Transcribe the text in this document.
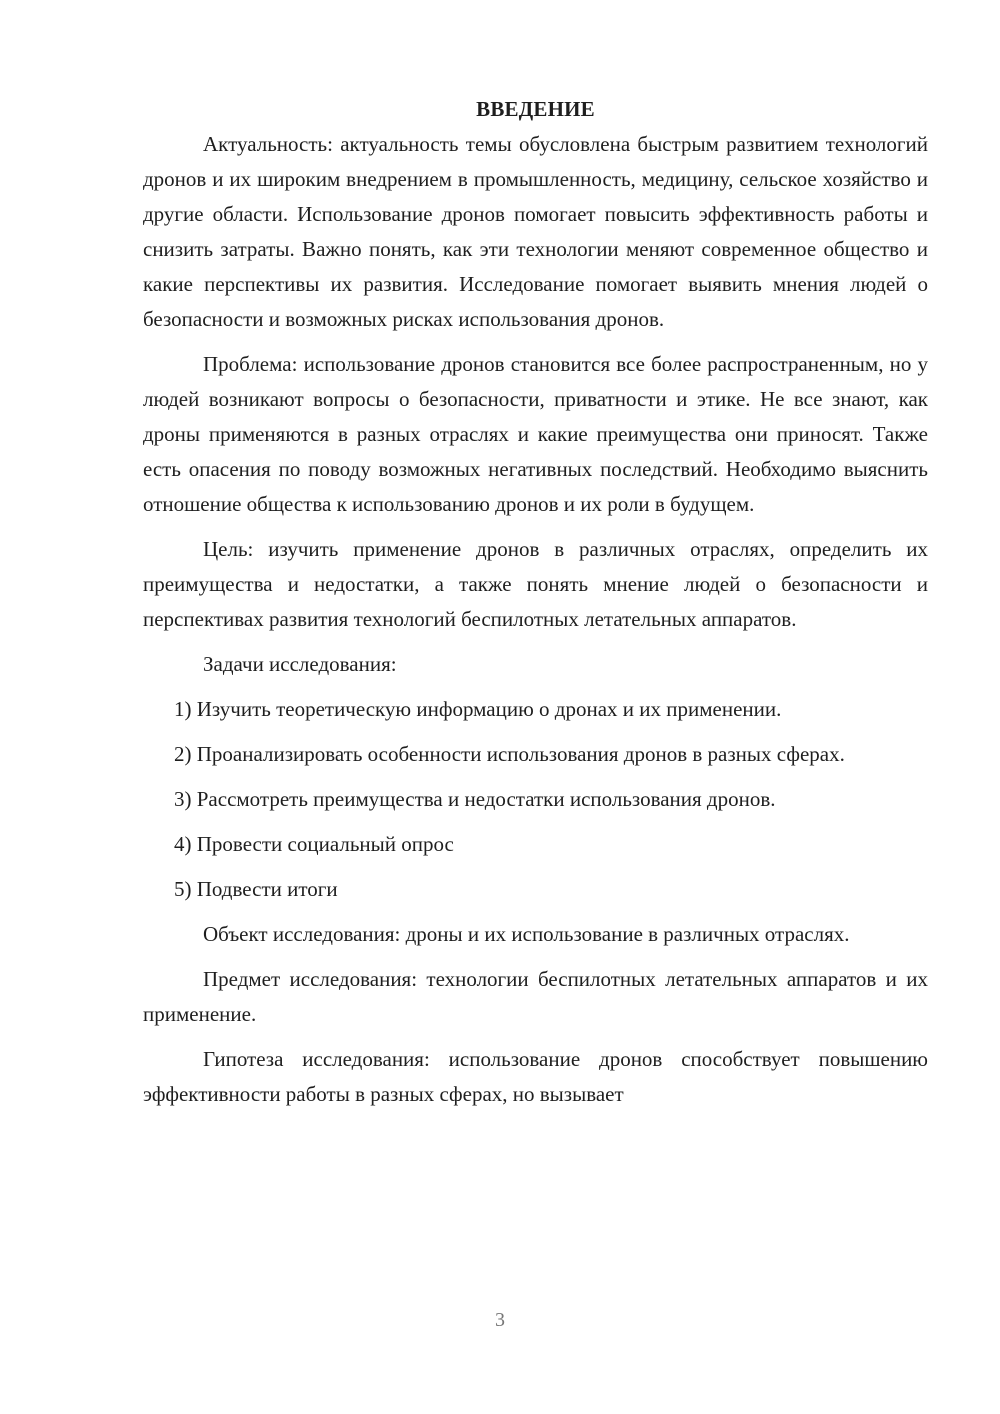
ВВЕДЕНИЕ

Актуальность: актуальность темы обусловлена быстрым развитием технологий дронов и их широким внедрением в промышленность, медицину, сельское хозяйство и другие области. Использование дронов помогает повысить эффективность работы и снизить затраты. Важно понять, как эти технологии меняют современное общество и какие перспективы их развития. Исследование помогает выявить мнения людей о безопасности и возможных рисках использования дронов.

Проблема: использование дронов становится все более распространенным, но у людей возникают вопросы о безопасности, приватности и этике. Не все знают, как дроны применяются в разных отраслях и какие преимущества они приносят. Также есть опасения по поводу возможных негативных последствий. Необходимо выяснить отношение общества к использованию дронов и их роли в будущем.

Цель: изучить применение дронов в различных отраслях, определить их преимущества и недостатки, а также понять мнение людей о безопасности и перспективах развития технологий беспилотных летательных аппаратов.

Задачи исследования:

1) Изучить теоретическую информацию о дронах и их применении.

2) Проанализировать особенности использования дронов в разных сферах.

3) Рассмотреть преимущества и недостатки использования дронов.

4) Провести социальный опрос

5) Подвести итоги

Объект исследования: дроны и их использование в различных отраслях.

Предмет исследования: технологии беспилотных летательных аппаратов и их применение.

Гипотеза исследования: использование дронов способствует повышению эффективности работы в разных сферах, но вызывает

3
